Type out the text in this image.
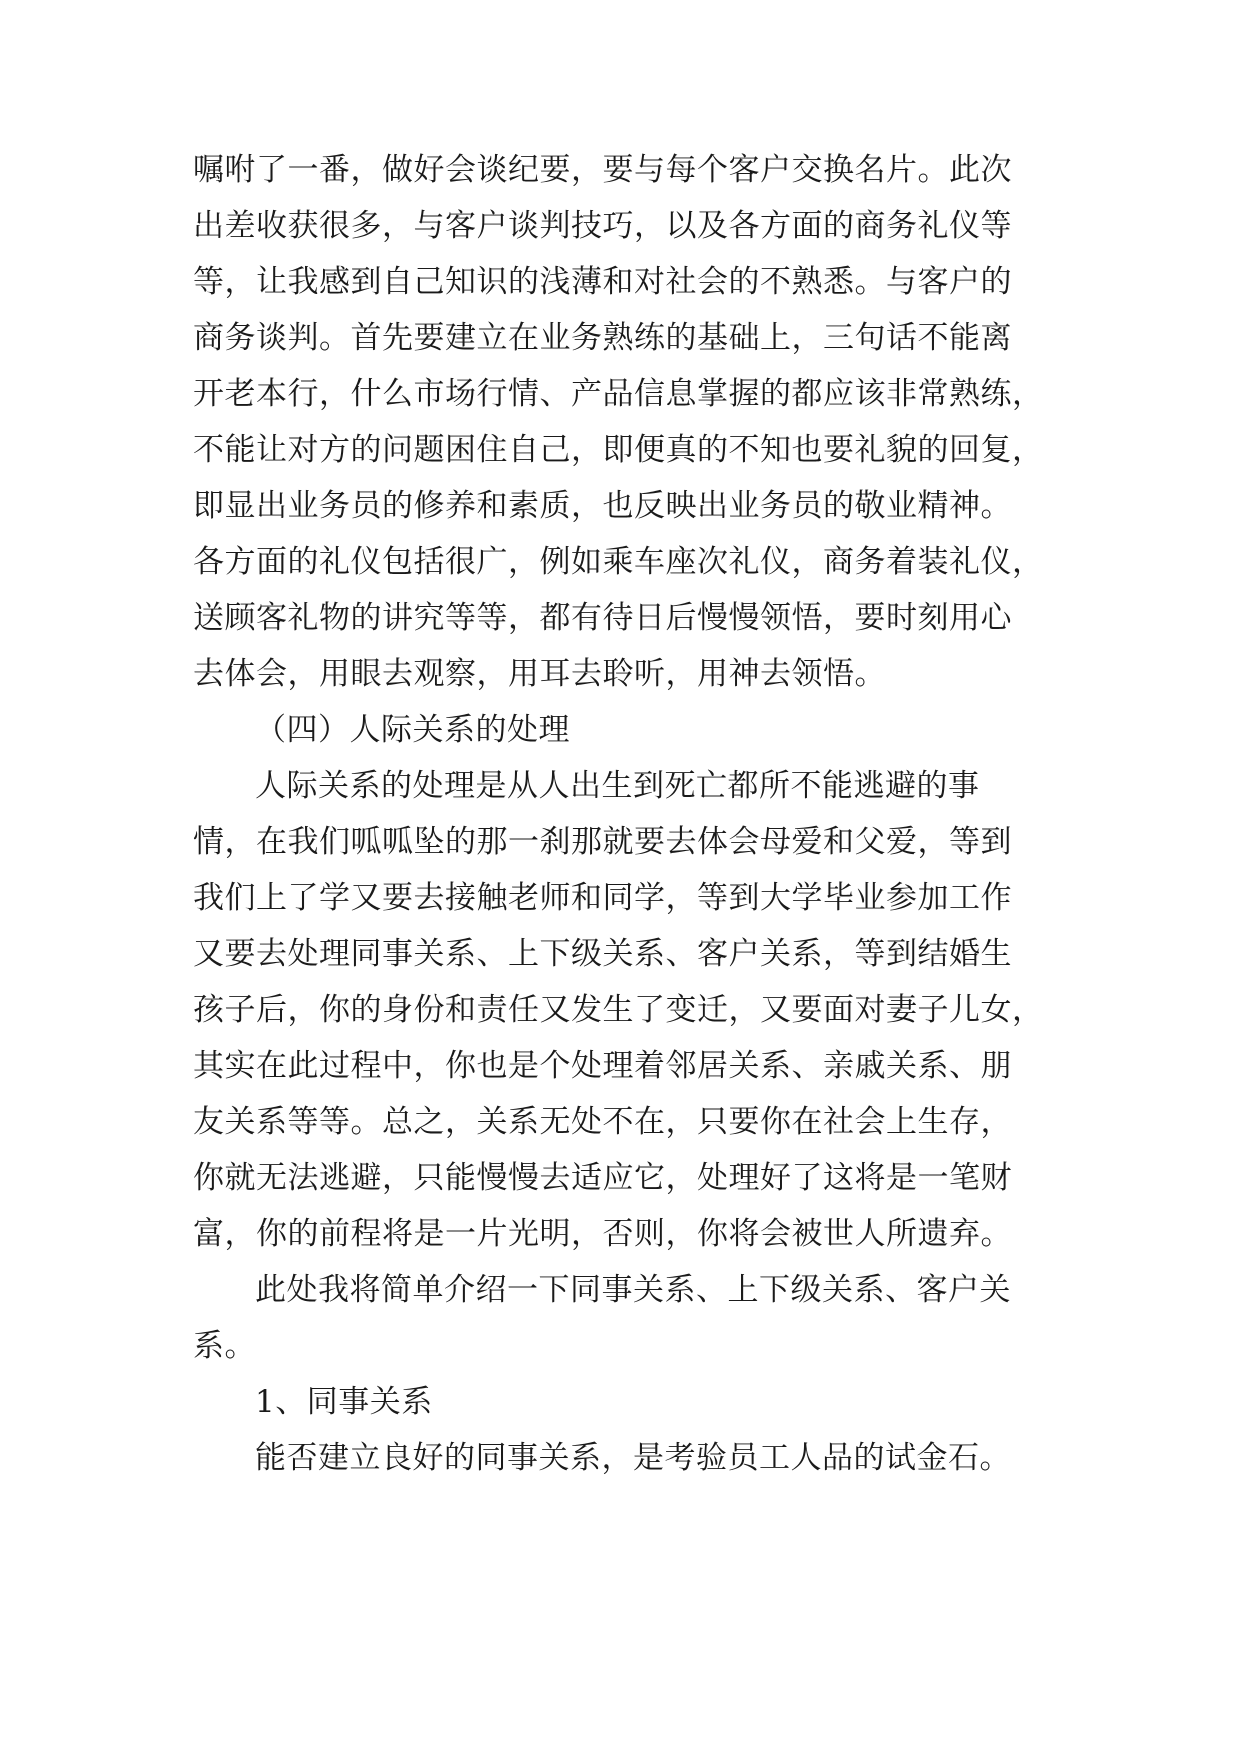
嘱咐了一番，做好会谈纪要，要与每个客户交换名片。此次
出差收获很多，与客户谈判技巧，以及各方面的商务礼仪等
等，让我感到自己知识的浅薄和对社会的不熟悉。与客户的
商务谈判。首先要建立在业务熟练的基础上，三句话不能离
开老本行，什么市场行情、产品信息掌握的都应该非常熟练，
不能让对方的问题困住自己，即便真的不知也要礼貌的回复，
即显出业务员的修养和素质，也反映出业务员的敬业精神。
各方面的礼仪包括很广，例如乘车座次礼仪，商务着装礼仪，
送顾客礼物的讲究等等，都有待日后慢慢领悟，要时刻用心
去体会，用眼去观察，用耳去聆听，用神去领悟。
（四）人际关系的处理
人际关系的处理是从人出生到死亡都所不能逃避的事
情，在我们呱呱坠的那一刹那就要去体会母爱和父爱，等到
我们上了学又要去接触老师和同学，等到大学毕业参加工作
又要去处理同事关系、上下级关系、客户关系，等到结婚生
孩子后，你的身份和责任又发生了变迁，又要面对妻子儿女，
其实在此过程中，你也是个处理着邻居关系、亲戚关系、朋
友关系等等。总之，关系无处不在，只要你在社会上生存，
你就无法逃避，只能慢慢去适应它，处理好了这将是一笔财
富，你的前程将是一片光明，否则，你将会被世人所遗弃。
此处我将简单介绍一下同事关系、上下级关系、客户关
系。
1、同事关系
能否建立良好的同事关系，是考验员工人品的试金石。
